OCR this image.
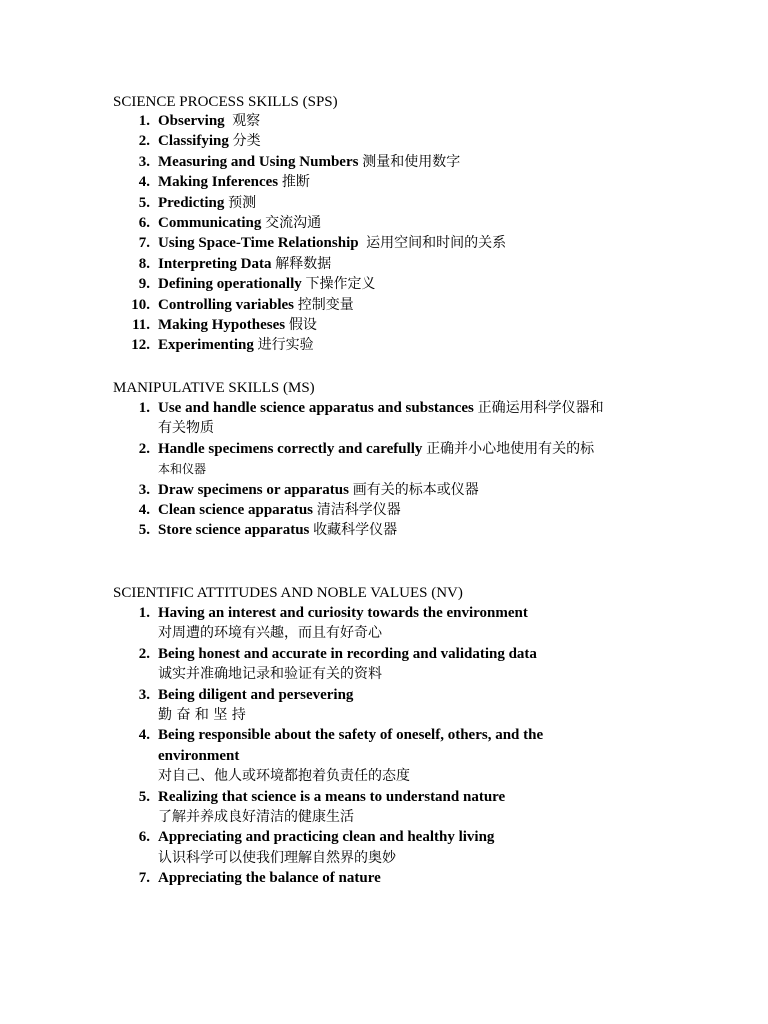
SCIENCE PROCESS SKILLS (SPS)
1. Observing 观察
2. Classifying 分类
3. Measuring and Using Numbers 测量和使用数字
4. Making Inferences 推断
5. Predicting 预测
6. Communicating 交流沟通
7. Using Space-Time Relationship 运用空间和时间的关系
8. Interpreting Data 解释数据
9. Defining operationally 下操作定义
10. Controlling variables 控制变量
11. Making Hypotheses 假设
12. Experimenting 进行实验
MANIPULATIVE SKILLS (MS)
1. Use and handle science apparatus and substances 正确运用科学仪器和
有关物质
2. Handle specimens correctly and carefully 正确并小心地使用有关的标
本和仪器
3. Draw specimens or apparatus 画有关的标本或仪器
4. Clean science apparatus 清洁科学仪器
5. Store science apparatus 收藏科学仪器
SCIENTIFIC ATTITUDES AND NOBLE VALUES (NV)
1. Having an interest and curiosity towards the environment
对周遭的环境有兴趣，而且有好奇心
2. Being honest and accurate in recording and validating data
诚实并准确地记录和验证有关的资料
3. Being diligent and persevering
勤 奋 和 坚 持
4. Being responsible about the safety of oneself, others, and the
environment
对自己、他人或环境都抱着负责任的态度
5. Realizing that science is a means to understand nature
了解并养成良好清洁的健康生活
6. Appreciating and practicing clean and healthy living
认识科学可以使我们理解自然界的奥妙
7. Appreciating the balance of nature
